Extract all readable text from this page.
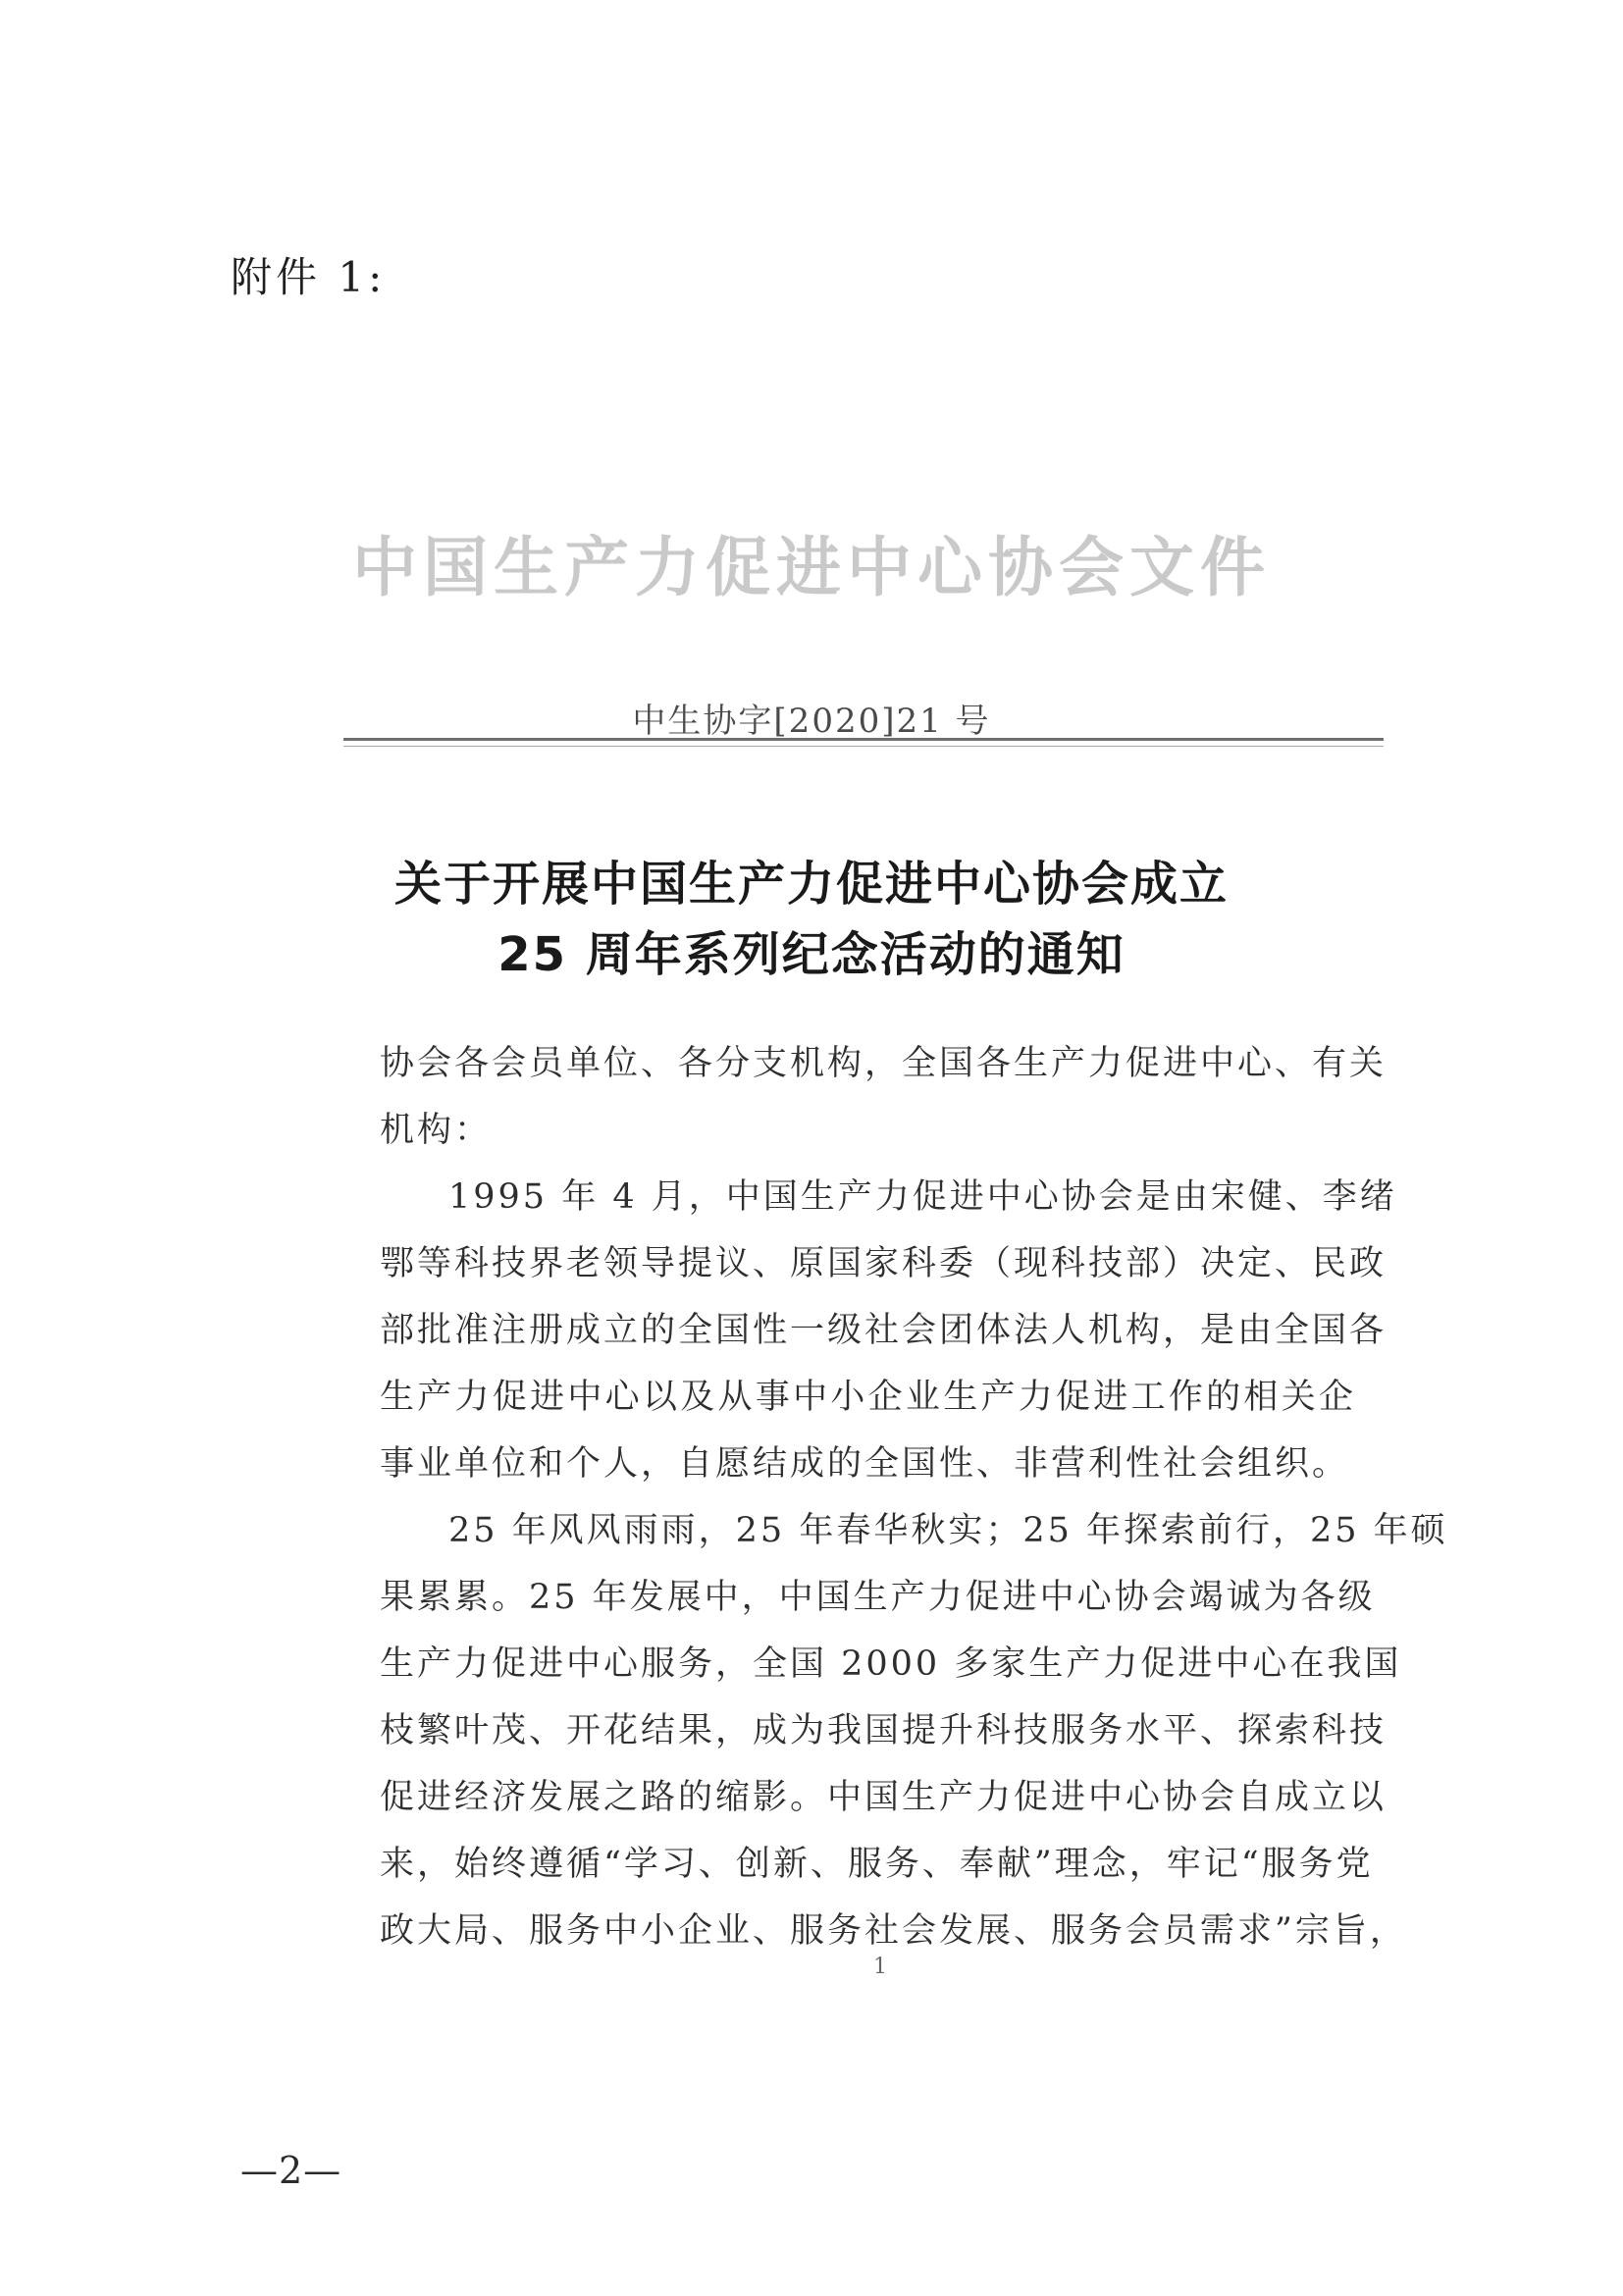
附件 1:
中国生产力促进中心协会文件
中生协字[2020]21 号
关于开展中国生产力促进中心协会成立
25 周年系列纪念活动的通知
协会各会员单位、各分支机构，全国各生产力促进中心、有关
机构：
1995 年 4 月，中国生产力促进中心协会是由宋健、李绪
鄂等科技界老领导提议、原国家科委（现科技部）决定、民政
部批准注册成立的全国性一级社会团体法人机构，是由全国各
生产力促进中心以及从事中小企业生产力促进工作的相关企
事业单位和个人，自愿结成的全国性、非营利性社会组织。
25 年风风雨雨，25 年春华秋实；25 年探索前行，25 年硕
果累累。25 年发展中，中国生产力促进中心协会竭诚为各级
生产力促进中心服务，全国 2000 多家生产力促进中心在我国
枝繁叶茂、开花结果，成为我国提升科技服务水平、探索科技
促进经济发展之路的缩影。中国生产力促进中心协会自成立以
来，始终遵循“学习、创新、服务、奉献”理念，牢记“服务党
政大局、服务中小企业、服务社会发展、服务会员需求”宗旨，
1
—2—
